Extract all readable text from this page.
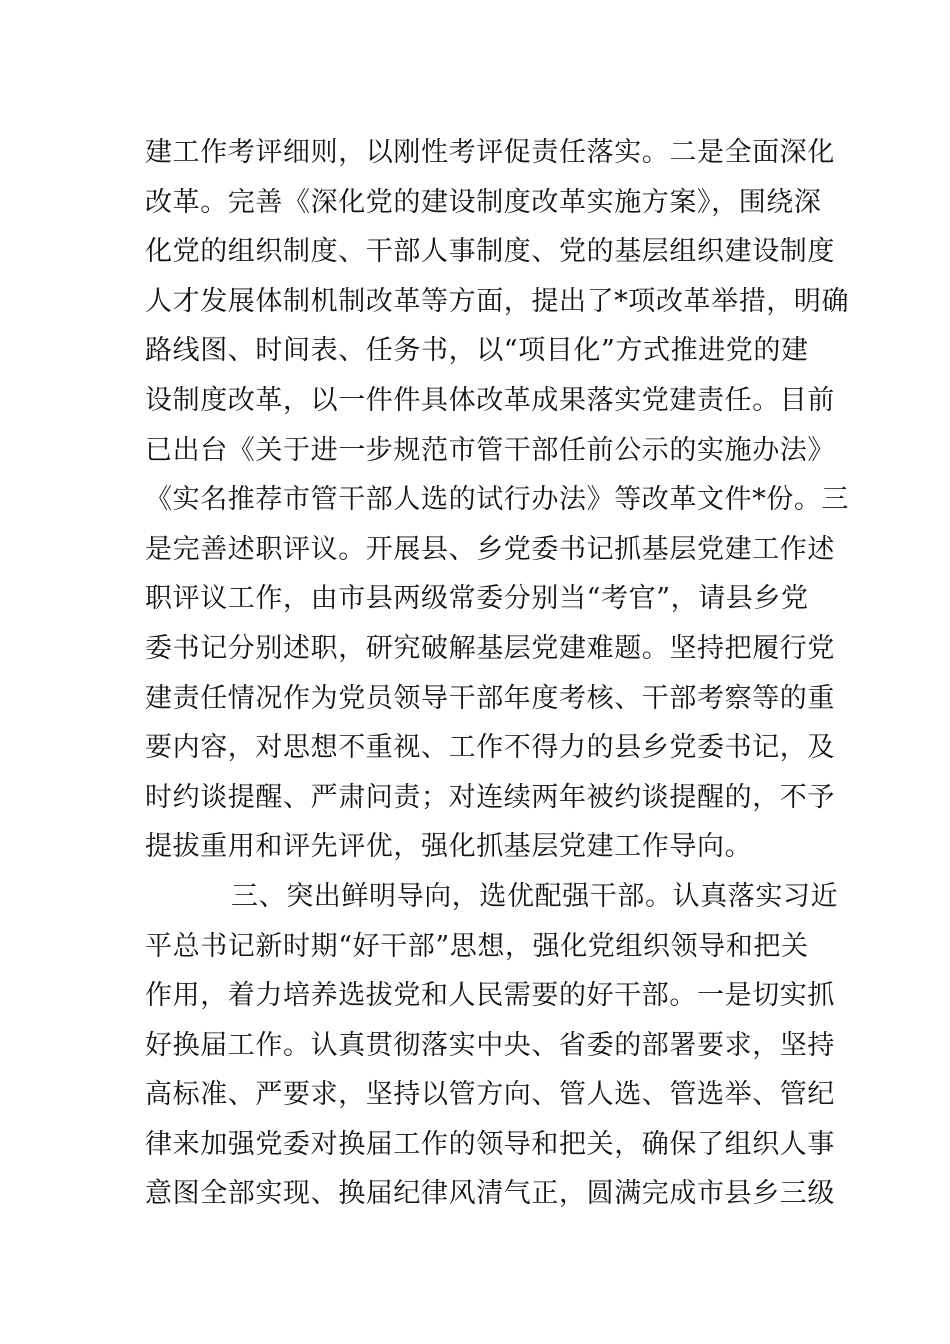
建工作考评细则，以刚性考评促责任落实。二是全面深化
改革。完善《深化党的建设制度改革实施方案》，围绕深
化党的组织制度、干部人事制度、党的基层组织建设制度
人才发展体制机制改革等方面，提出了*项改革举措，明确
路线图、时间表、任务书，以“项目化”方式推进党的建
设制度改革，以一件件具体改革成果落实党建责任。目前
已出台《关于进一步规范市管干部任前公示的实施办法》
《实名推荐市管干部人选的试行办法》等改革文件*份。三
是完善述职评议。开展县、乡党委书记抓基层党建工作述
职评议工作，由市县两级常委分别当“考官”，请县乡党
委书记分别述职，研究破解基层党建难题。坚持把履行党
建责任情况作为党员领导干部年度考核、干部考察等的重
要内容，对思想不重视、工作不得力的县乡党委书记，及
时约谈提醒、严肃问责；对连续两年被约谈提醒的，不予
提拔重用和评先评优，强化抓基层党建工作导向。
三、突出鲜明导向，选优配强干部。认真落实习近
平总书记新时期“好干部”思想，强化党组织领导和把关
作用，着力培养选拔党和人民需要的好干部。一是切实抓
好换届工作。认真贯彻落实中央、省委的部署要求，坚持
高标准、严要求，坚持以管方向、管人选、管选举、管纪
律来加强党委对换届工作的领导和把关，确保了组织人事
意图全部实现、换届纪律风清气正，圆满完成市县乡三级
